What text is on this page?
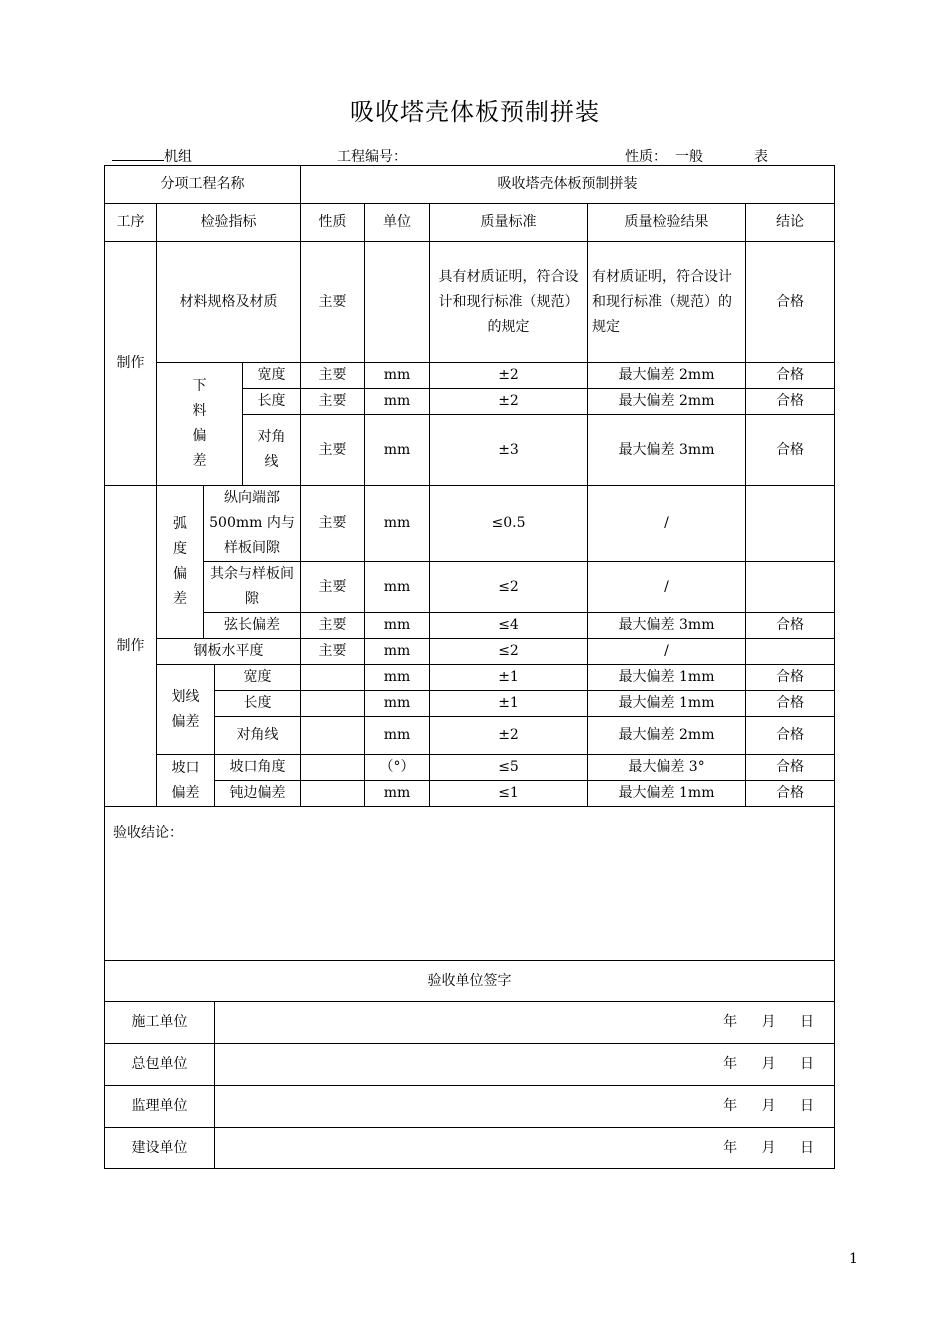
吸收塔壳体板预制拼装
机组	工程编号：	性质： 一般	表
分项工程名称					吸收塔壳体板预制拼装				
工序	检验指标				性质	单位	质量标准	质量检验结果	结论
制作	材料规格及材质				主要		具有材质证明，符合设计和现行标准（规范）的规定	有材质证明，符合设计和现行标准（规范）的规定	合格
	下料偏差			宽度	主要	mm	±2	最大偏差 2mm	合格
				长度	主要	mm	±2	最大偏差 2mm	合格
				对角线	主要	mm	±3	最大偏差 3mm	合格

制作	弧度偏差	纵向端部500mm 内与样板间隙			主要	mm	≤0.5	/	
		其余与样板间隙			主要	mm	≤2	/	
		弦长偏差			主要	mm	≤4	最大偏差 3mm	合格
	钢板水平度				主要	mm	≤2	/	
	划线偏差		宽度			mm	±1	最大偏差 1mm	合格
			长度			mm	±1	最大偏差 1mm	合格
			对角线			mm	±2	最大偏差 2mm	合格
	坡口偏差		坡口角度			（°）	≤5	最大偏差 3°	合格
			钝边偏差			mm	≤1	最大偏差 1mm	合格

验收结论：									
验收单位签字									
施工单位			年 月 日						
总包单位			年 月 日						
监理单位			年 月 日						
建设单位			年 月 日						
1
